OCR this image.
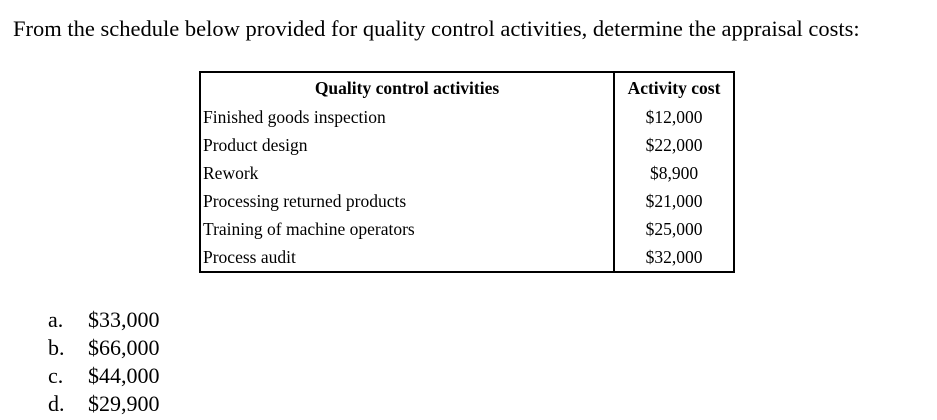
From the schedule below provided for quality control activities, determine the appraisal costs:
Quality control activities	Activity cost
Finished goods inspection	$12,000
Product design	$22,000
Rework	$8,900
Processing returned products	$21,000
Training of machine operators	$25,000
Process audit	$32,000
a. $33,000
b. $66,000
c. $44,000
d. $29,900
